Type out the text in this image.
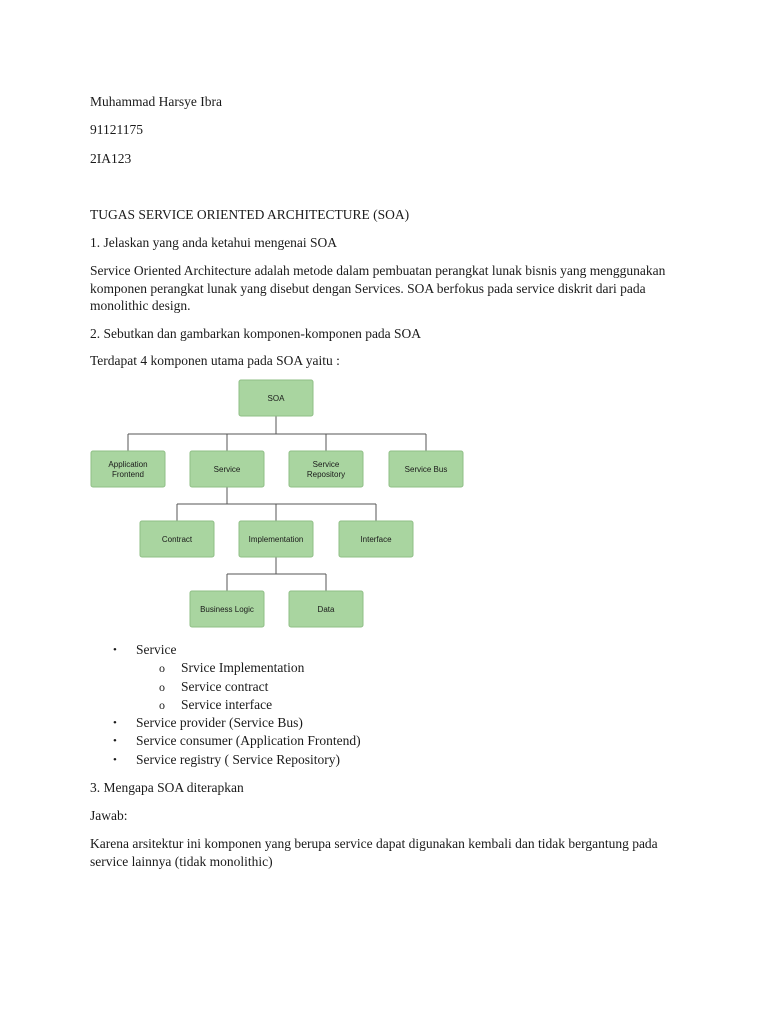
Muhammad Harsye Ibra
91121175
2IA123
TUGAS SERVICE ORIENTED ARCHITECTURE (SOA)
1. Jelaskan yang anda ketahui mengenai SOA
Service Oriented Architecture adalah metode dalam pembuatan perangkat lunak bisnis yang menggunakan komponen perangkat lunak yang disebut dengan Services. SOA berfokus pada service diskrit dari pada monolithic design.
2. Sebutkan dan gambarkan komponen-komponen pada SOA
Terdapat 4 komponen utama pada SOA yaitu :
SOA
Application
Frontend
Service
Service
Repository
Service Bus
Contract	Implementation	Interface
Business Logic	Data
• Service
o Srvice Implementation
o Service contract
o Service interface
• Service provider (Service Bus)
• Service consumer (Application Frontend)
• Service registry ( Service Repository)
3. Mengapa SOA diterapkan
Jawab:
Karena arsitektur ini komponen yang berupa service dapat digunakan kembali dan tidak bergantung pada
service lainnya (tidak monolithic)
